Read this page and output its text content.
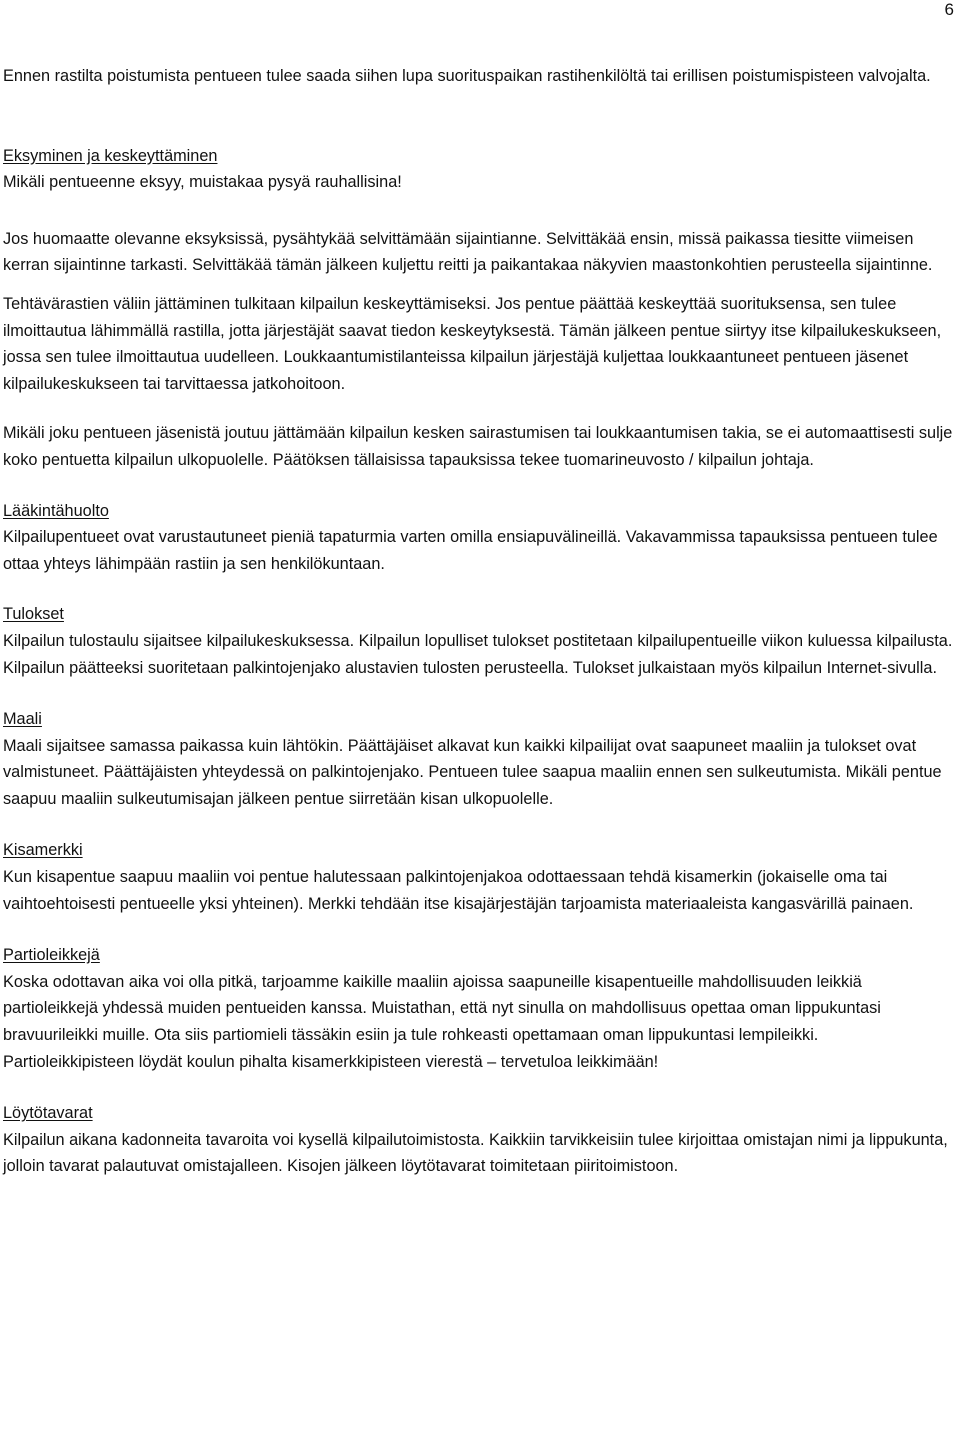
6

Ennen rastilta poistumista pentueen tulee saada siihen lupa suorituspaikan rastihenkilöltä tai erillisen poistumispisteen valvojalta.

Eksyminen ja keskeyttäminen

Mikäli pentueenne eksyy, muistakaa pysyä rauhallisina!

Jos huomaatte olevanne eksyksissä, pysähtykää selvittämään sijaintianne. Selvittäkää ensin, missä paikassa tiesitte viimeisen kerran sijaintinne tarkasti. Selvittäkää tämän jälkeen kuljettu reitti ja paikantakaa näkyvien maastonkohtien perusteella sijaintinne.

Tehtävärastien väliin jättäminen tulkitaan kilpailun keskeyttämiseksi. Jos pentue päättää keskeyttää suorituksensa, sen tulee ilmoittautua lähimmällä rastilla, jotta järjestäjät saavat tiedon keskeytyksestä. Tämän jälkeen pentue siirtyy itse kilpailukeskukseen, jossa sen tulee ilmoittautua uudelleen. Loukkaantumistilanteissa kilpailun järjestäjä kuljettaa loukkaantuneet pentueen jäsenet kilpailukeskukseen tai tarvittaessa jatkohoitoon.

Mikäli joku pentueen jäsenistä joutuu jättämään kilpailun kesken sairastumisen tai loukkaantumisen takia, se ei automaattisesti sulje koko pentuetta kilpailun ulkopuolelle. Päätöksen tällaisissa tapauksissa tekee tuomarineuvosto / kilpailun johtaja.

Lääkintähuolto

Kilpailupentueet ovat varustautuneet pieniä tapaturmia varten omilla ensiapuvälineillä. Vakavammissa tapauksissa pentueen tulee ottaa yhteys lähimpään rastiin ja sen henkilökuntaan.

Tulokset

Kilpailun tulostaulu sijaitsee kilpailukeskuksessa. Kilpailun lopulliset tulokset postitetaan kilpailupentueille viikon kuluessa kilpailusta. Kilpailun päätteeksi suoritetaan palkintojenjako alustavien tulosten perusteella. Tulokset julkaistaan myös kilpailun Internet-sivulla.

Maali

Maali sijaitsee samassa paikassa kuin lähtökin. Päättäjäiset alkavat kun kaikki kilpailijat ovat saapuneet maaliin ja tulokset ovat valmistuneet. Päättäjäisten yhteydessä on palkintojenjako. Pentueen tulee saapua maaliin ennen sen sulkeutumista. Mikäli pentue saapuu maaliin sulkeutumisajan jälkeen pentue siirretään kisan ulkopuolelle.

Kisamerkki

Kun kisapentue saapuu maaliin voi pentue halutessaan palkintojenjakoa odottaessaan tehdä kisamerkin (jokaiselle oma tai vaihtoehtoisesti pentueelle yksi yhteinen). Merkki tehdään itse kisajärjestäjän tarjoamista materiaaleista kangasvärillä painaen.

Partioleikkejä

Koska odottavan aika voi olla pitkä, tarjoamme kaikille maaliin ajoissa saapuneille kisapentueille mahdollisuuden leikkiä partioleikkejä yhdessä muiden pentueiden kanssa. Muistathan, että nyt sinulla on mahdollisuus opettaa oman lippukuntasi bravuurileikki muille. Ota siis partiomieli tässäkin esiin ja tule rohkeasti opettamaan oman lippukuntasi lempileikki. Partioleikkipisteen löydät koulun pihalta kisamerkkipisteen vierestä – tervetuloa leikkimään!

Löytötavarat

Kilpailun aikana kadonneita tavaroita voi kysellä kilpailutoimistosta. Kaikkiin tarvikkeisiin tulee kirjoittaa omistajan nimi ja lippukunta, jolloin tavarat palautuvat omistajalleen. Kisojen jälkeen löytötavarat toimitetaan piiritoimistoon.
